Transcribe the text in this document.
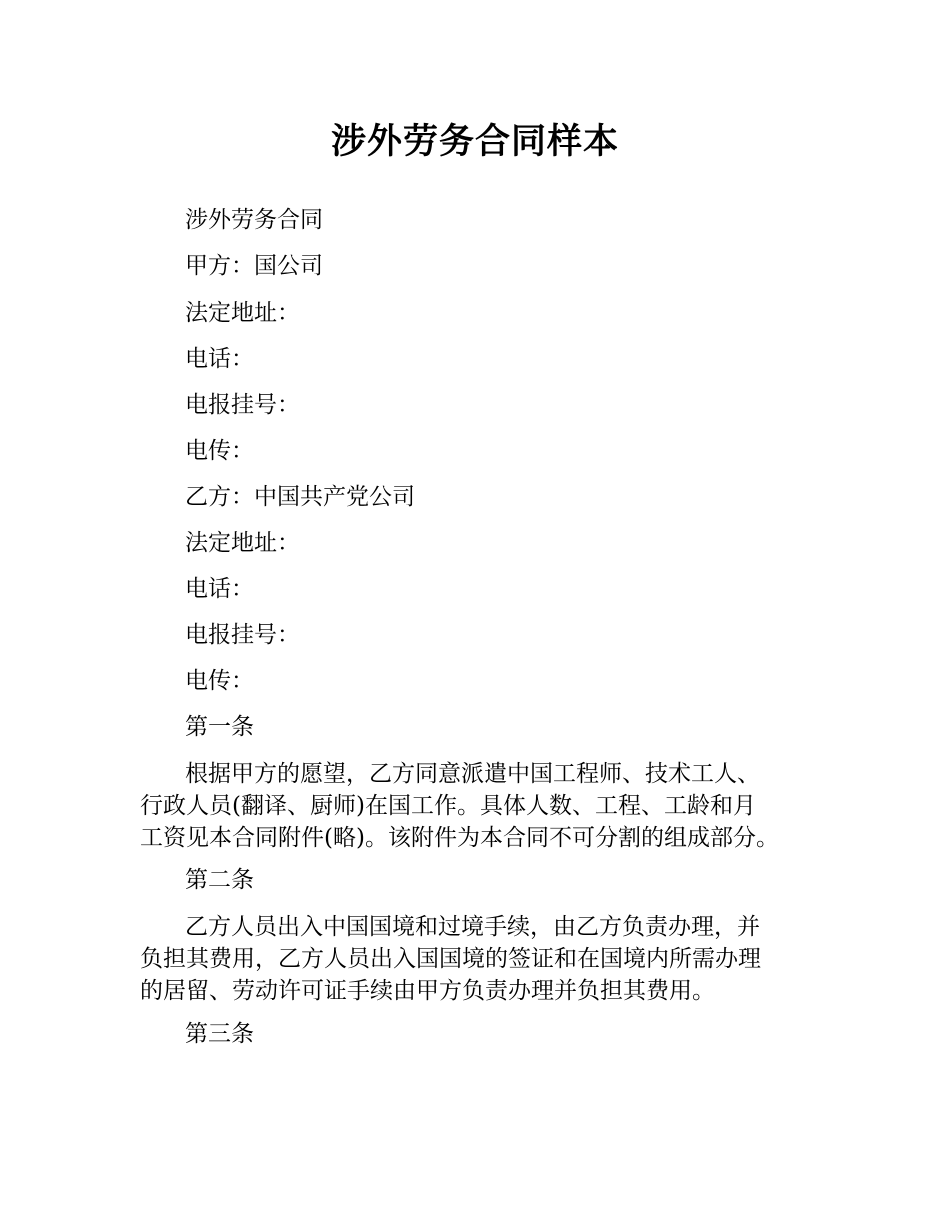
涉外劳务合同样本
涉外劳务合同
甲方：国公司
法定地址：
电话：
电报挂号：
电传：
乙方：中国共产党公司
法定地址：
电话：
电报挂号：
电传：
第一条
根据甲方的愿望，乙方同意派遣中国工程师、技术工人、
行政人员(翻译、厨师)在国工作。具体人数、工程、工龄和月
工资见本合同附件(略)。该附件为本合同不可分割的组成部分。
第二条
乙方人员出入中国国境和过境手续，由乙方负责办理，并
负担其费用，乙方人员出入国国境的签证和在国境内所需办理
的居留、劳动许可证手续由甲方负责办理并负担其费用。
第三条
